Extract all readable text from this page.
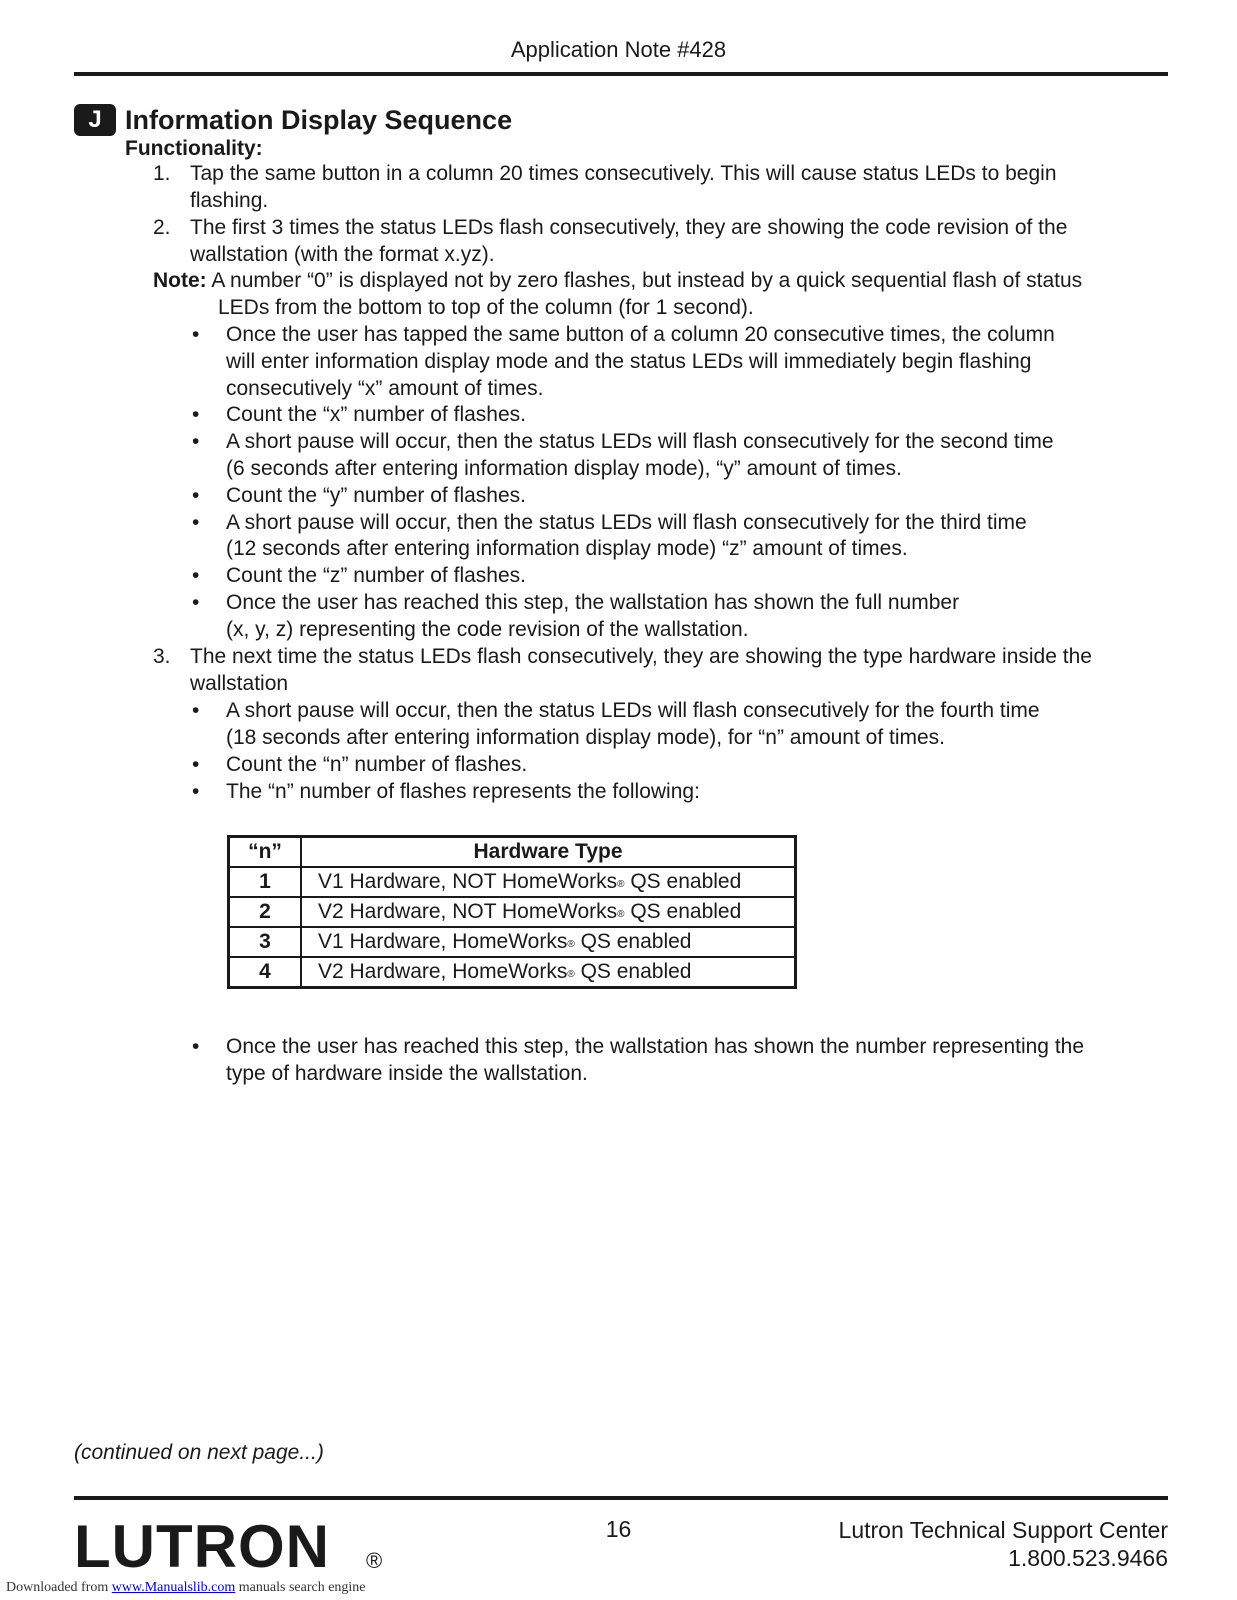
Application Note #428
J Information Display Sequence
Functionality:
1. Tap the same button in a column 20 times consecutively. This will cause status LEDs to begin
flashing.
2. The first 3 times the status LEDs flash consecutively, they are showing the code revision of the
wallstation (with the format x.yz).
Note: A number “0” is displayed not by zero flashes, but instead by a quick sequential flash of status
LEDs from the bottom to top of the column (for 1 second).
•	Once the user has tapped the same button of a column 20 consecutive times, the column
will enter information display mode and the status LEDs will immediately begin flashing
consecutively “x” amount of times.
•	Count the “x” number of flashes.
•	A short pause will occur, then the status LEDs will flash consecutively for the second time
(6 seconds after entering information display mode), “y” amount of times.
•	Count the “y” number of flashes.
•	A short pause will occur, then the status LEDs will flash consecutively for the third time
(12 seconds after entering information display mode) “z” amount of times.
•	Count the “z” number of flashes.
•	Once the user has reached this step, the wallstation has shown the full number
(x, y, z) representing the code revision of the wallstation.
3. The next time the status LEDs flash consecutively, they are showing the type hardware inside the
wallstation
•	A short pause will occur, then the status LEDs will flash consecutively for the fourth time
(18 seconds after entering information display mode), for “n” amount of times.
•	Count the “n” number of flashes.
•	The “n” number of flashes represents the following:
“n”	Hardware Type
1	V1 Hardware, NOT HomeWorks® QS enabled
2	V2 Hardware, NOT HomeWorks® QS enabled
3	V1 Hardware, HomeWorks® QS enabled
4	V2 Hardware, HomeWorks® QS enabled
•	Once the user has reached this step, the wallstation has shown the number representing the
type of hardware inside the wallstation.
(continued on next page...)
LUTRON ®
16	Lutron Technical Support Center
1.800.523.9466
Downloaded from www.Manualslib.com manuals search engine
